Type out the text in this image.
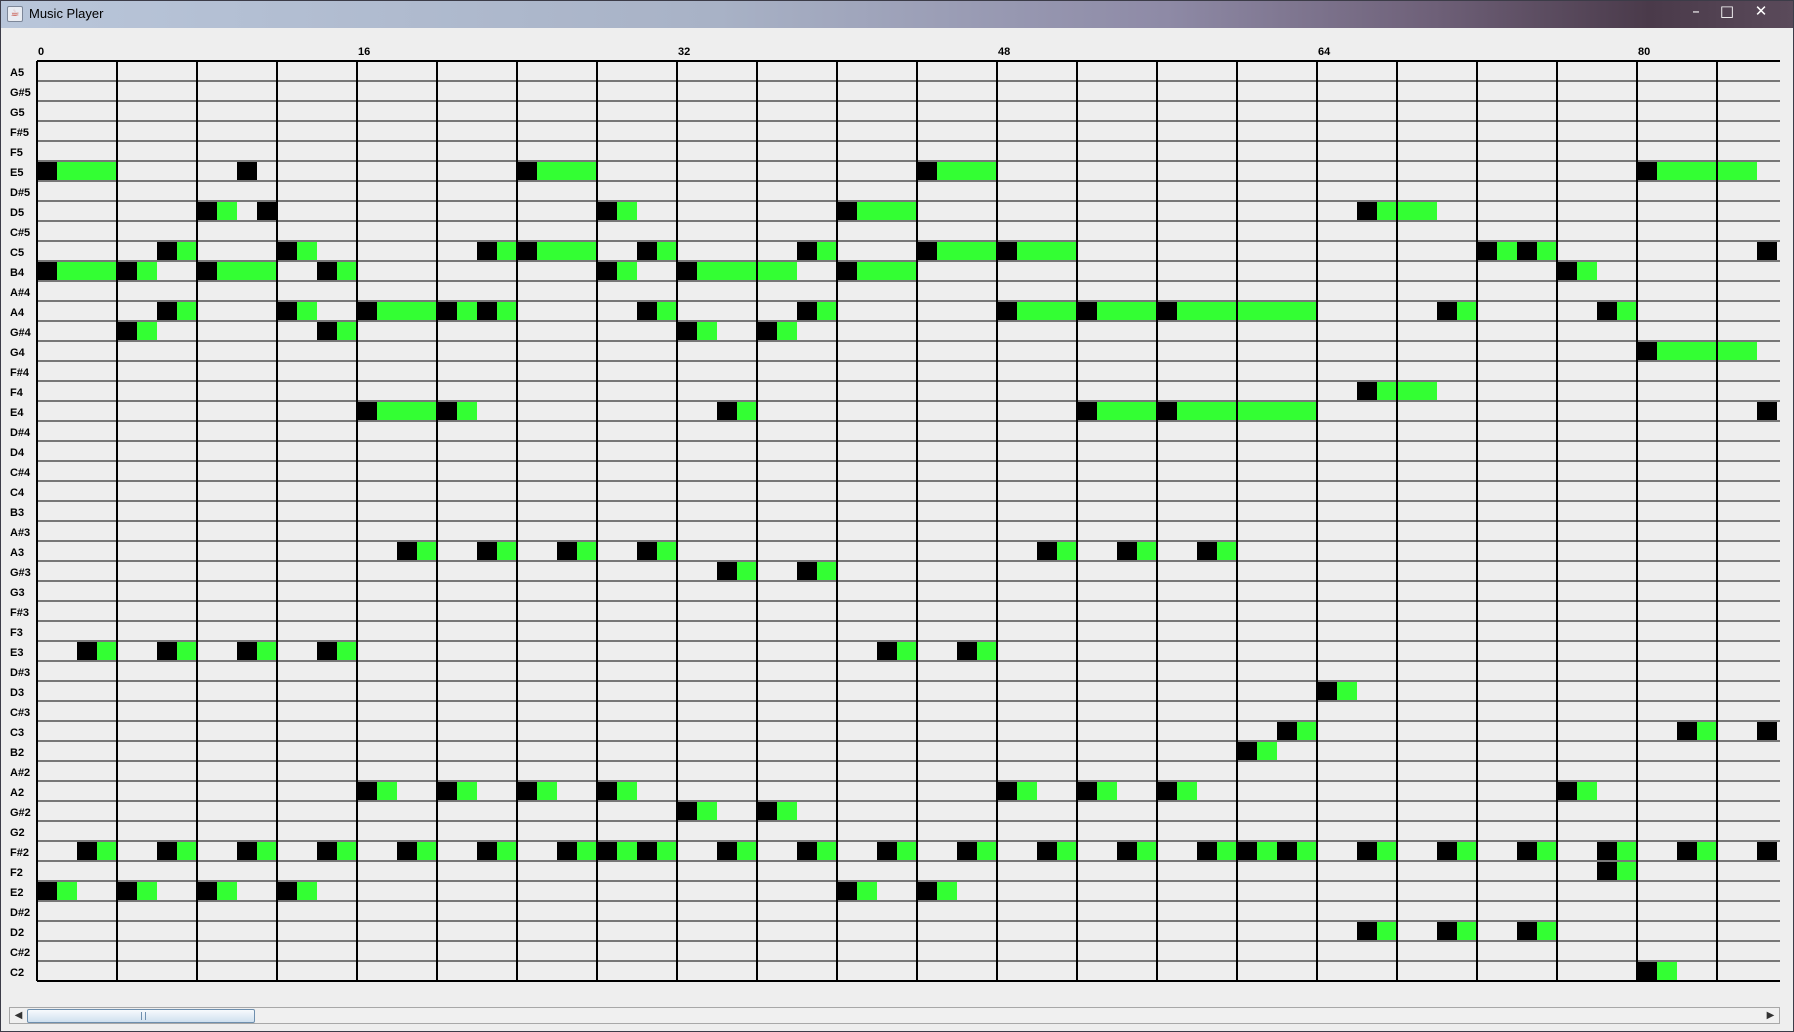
☕ Music Player	–	□	✕
A5
G#5
G5
F#5
F5
E5
D#5
D5
C#5
C5
B4
A#4
A4
G#4
G4
F#4
F4
E4
D#4
D4
C#4
C4
B3
A#3
A3
G#3
G3
F#3
F3
E3
D#3
D3
C#3
C3
B2
A#2
A2
G#2
G2
F#2
F2
E2
D#2
D2
C#2
C2
0	16	32	48	64	80
◀	▶
